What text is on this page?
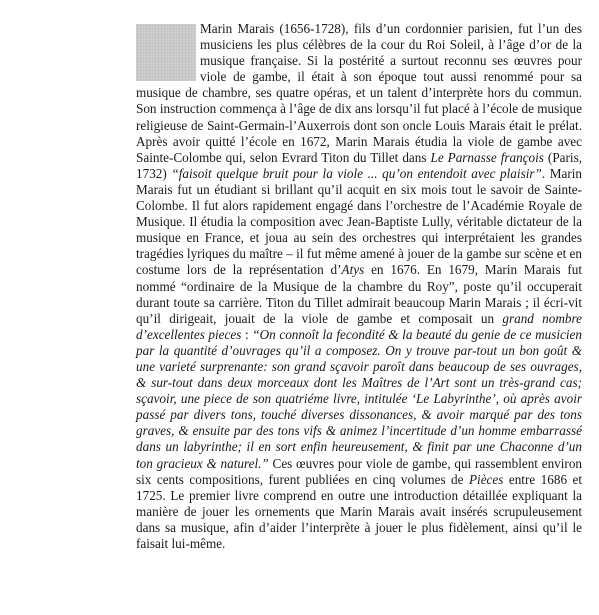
Marin Marais (1656-1728), fils d’un cordonnier parisien, fut l’un des musiciens les plus célèbres de la cour du Roi Soleil, à l’âge d’or de la musique française. Si la postérité a surtout reconnu ses œuvres pour viole de gambe, il était à son époque tout aussi renommé pour sa musique de chambre, ses quatre opéras, et un talent d’interprète hors du commun. Son instruction commença à l’âge de dix ans lorsqu’il fut placé à l’école de musique religieuse de Saint-Germain-l’Auxerrois dont son oncle Louis Marais était le prélat. Après avoir quitté l’école en 1672, Marin Marais étudia la viole de gambe avec Sainte-Colombe qui, selon Evrard Titon du Tillet dans Le Parnasse françois (Paris, 1732) “faisoit quelque bruit pour la viole ... qu’on entendoit avec plaisir”. Marin Marais fut un étudiant si brillant qu’il acquit en six mois tout le savoir de Sainte-Colombe. Il fut alors rapidement engagé dans l’orchestre de l’Académie Royale de Musique. Il étudia la composition avec Jean-Baptiste Lully, véritable dictateur de la musique en France, et joua au sein des orchestres qui interprétaient les grandes tragédies lyriques du maître – il fut même amené à jouer de la gambe sur scène et en costume lors de la représentation d’Atys en 1676. En 1679, Marin Marais fut nommé “ordinaire de la Musique de la chambre du Roy”, poste qu’il occuperait durant toute sa carrière. Titon du Tillet admirait beaucoup Marin Marais ; il écri-vit qu’il dirigeait, jouait de la viole de gambe et composait un grand nombre d’excellentes pieces : “On connoît la fecondité & la beauté du genie de ce musicien par la quantité d’ouvrages qu’il a composez. On y trouve par-tout un bon goût & une varieté surprenante: son grand sçavoir paroît dans beaucoup de ses ouvrages, & sur-tout dans deux morceaux dont les Maîtres de l’Art sont un très-grand cas; sçavoir, une piece de son quatriéme livre, intitulée ‘Le Labyrinthe’, où après avoir passé par divers tons, touché diverses dissonances, & avoir marqué par des tons graves, & ensuite par des tons vifs & animez l’incertitude d’un homme embarrassé dans un labyrinthe; il en sort enfin heureusement, & finit par une Chaconne d’un ton gracieux & naturel.” Ces œuvres pour viole de gambe, qui rassemblent environ six cents compositions, furent publiées en cinq volumes de Pièces entre 1686 et 1725. Le premier livre comprend en outre une introduction détaillée expliquant la manière de jouer les ornements que Marin Marais avait insérés scrupuleusement dans sa musique, afin d’aider l’interprète à jouer le plus fidèlement, ainsi qu’il le faisait lui-même.
